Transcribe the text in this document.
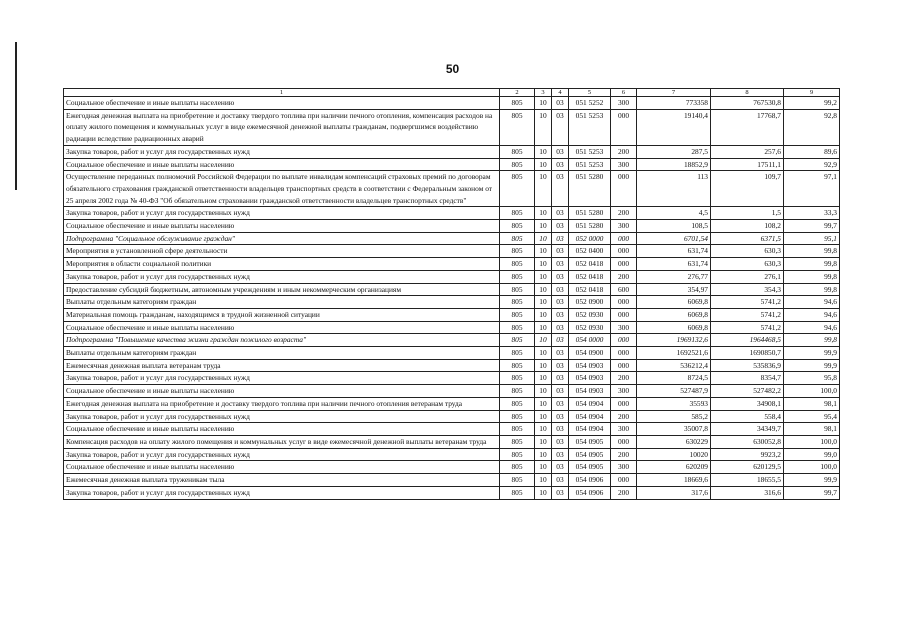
50
1	2	3	4	5	6	7	8	9
Социальное обеспечение и иные выплаты населению	805	10	03	051 5252	300	773358	767530,8	99,2
Ежегодная денежная выплата на приобретение и доставку твердого топлива при наличии печного отопления, компенсация расходов на оплату жилого помещения и коммунальных услуг в виде ежемесячной денежной выплаты гражданам, подвергшимся воздействию радиации вследствие радиационных аварий	805	10	03	051 5253	000	19140,4	17768,7	92,8
Закупка товаров, работ и услуг для государственных нужд	805	10	03	051 5253	200	287,5	257,6	89,6
Социальное обеспечение и иные выплаты населению	805	10	03	051 5253	300	18852,9	17511,1	92,9
Осуществление переданных полномочий Российской Федерации по выплате инвалидам компенсаций страховых премий по договорам обязательного страхования гражданской ответственности владельцев транспортных средств в соответствии с Федеральным законом от 25 апреля 2002 года № 40-ФЗ "Об обязательном страховании гражданской ответственности владельцев транспортных средств"	805	10	03	051 5280	000	113	109,7	97,1
Закупка товаров, работ и услуг для государственных нужд	805	10	03	051 5280	200	4,5	1,5	33,3
Социальное обеспечение и иные выплаты населению	805	10	03	051 5280	300	108,5	108,2	99,7
Подпрограмма "Социальное обслуживание граждан"	805	10	03	052 0000	000	6701,54	6371,5	95,1
Мероприятия в установленной сфере деятельности	805	10	03	052 0400	000	631,74	630,3	99,8
Мероприятия в области социальной политики	805	10	03	052 0418	000	631,74	630,3	99,8
Закупка товаров, работ и услуг для государственных нужд	805	10	03	052 0418	200	276,77	276,1	99,8
Предоставление субсидий бюджетным, автономным учреждениям и иным некоммерческим организациям	805	10	03	052 0418	600	354,97	354,3	99,8
Выплаты отдельным категориям граждан	805	10	03	052 0900	000	6069,8	5741,2	94,6
Материальная помощь гражданам, находящимся в трудной жизненной ситуации	805	10	03	052 0930	000	6069,8	5741,2	94,6
Социальное обеспечение и иные выплаты населению	805	10	03	052 0930	300	6069,8	5741,2	94,6
Подпрограмма "Повышение качества жизни граждан пожилого возраста"	805	10	03	054 0000	000	1969132,6	1964468,5	99,8
Выплаты отдельным категориям граждан	805	10	03	054 0900	000	1692521,6	1690850,7	99,9
Ежемесячная денежная выплата ветеранам труда	805	10	03	054 0903	000	536212,4	535836,9	99,9
Закупка товаров, работ и услуг для государственных нужд	805	10	03	054 0903	200	8724,5	8354,7	95,8
Социальное обеспечение и иные выплаты населению	805	10	03	054 0903	300	527487,9	527482,2	100,0
Ежегодная денежная выплата на приобретение и доставку твердого топлива при наличии печного отопления ветеранам труда	805	10	03	054 0904	000	35593	34908,1	98,1
Закупка товаров, работ и услуг для государственных нужд	805	10	03	054 0904	200	585,2	558,4	95,4
Социальное обеспечение и иные выплаты населению	805	10	03	054 0904	300	35007,8	34349,7	98,1
Компенсация расходов на оплату жилого помещения и коммунальных услуг в виде ежемесячной денежной выплаты ветеранам труда	805	10	03	054 0905	000	630229	630052,8	100,0
Закупка товаров, работ и услуг для государственных нужд	805	10	03	054 0905	200	10020	9923,2	99,0
Социальное обеспечение и иные выплаты населению	805	10	03	054 0905	300	620209	620129,5	100,0
Ежемесячная денежная выплата труженикам тыла	805	10	03	054 0906	000	18669,6	18655,5	99,9
Закупка товаров, работ и услуг для государственных нужд	805	10	03	054 0906	200	317,6	316,6	99,7
